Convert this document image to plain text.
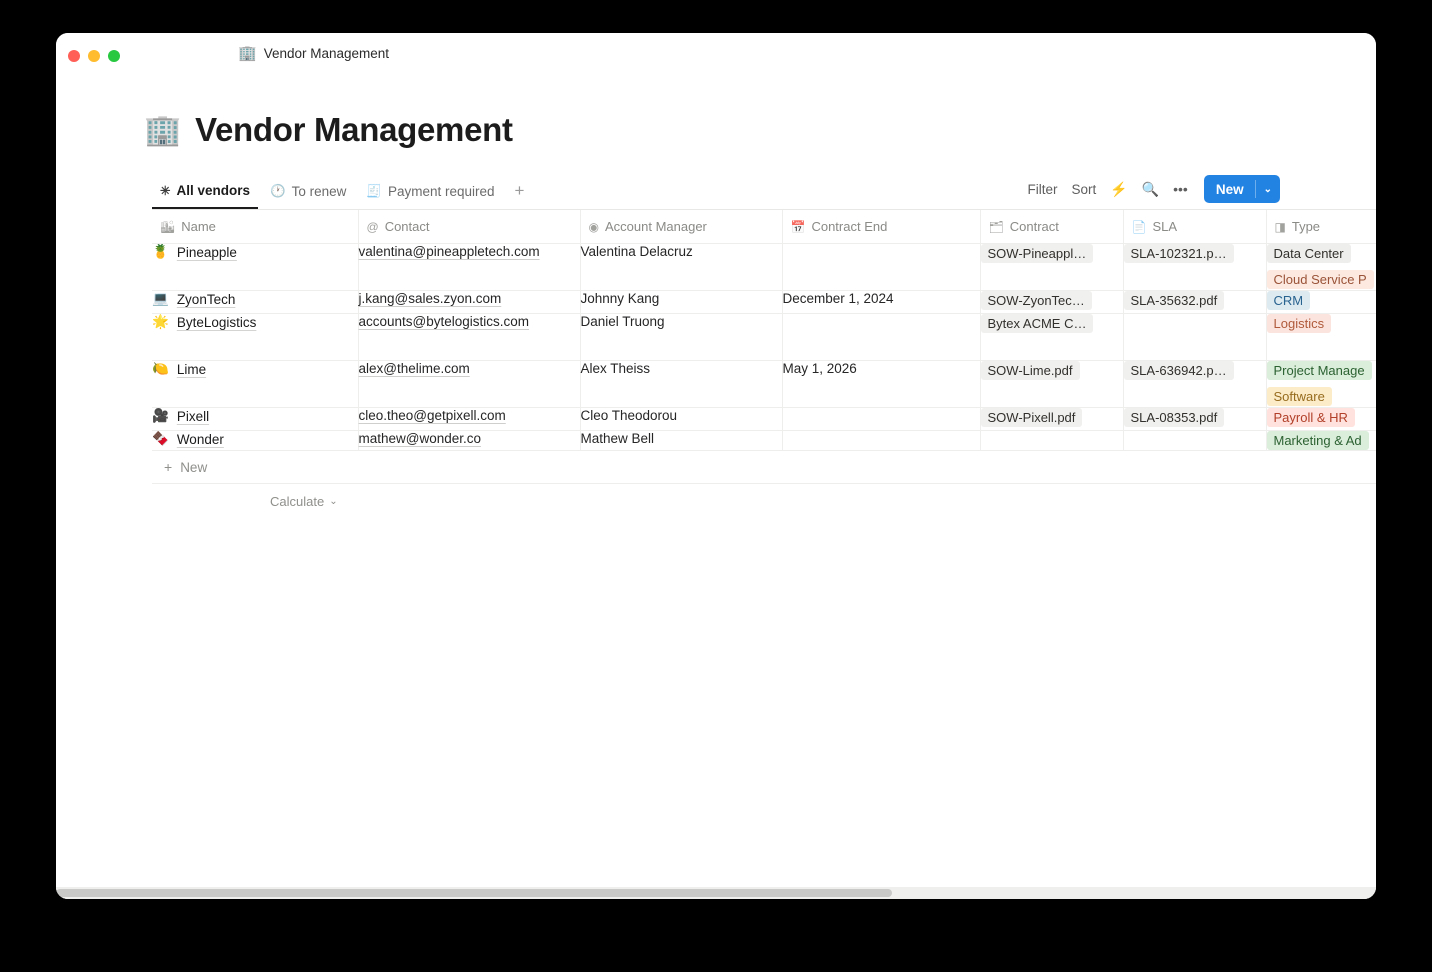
🏢 Vendor Management
🏢 Vendor Management
✳ All vendors 🕐 To renew 🧾 Payment required	+	Filter Sort ⚡ 🔍 •••	New	⌄
🏙 Name	@ Contact	◉ Account Manager	📅 Contract End	🗂 Contract	📄 SLA	◨ Type

🍍 Pineapple	valentina@pineappletech.com	Valentina Delacruz		SOW-Pineappl…	SLA-102321.p…	Data Center
Cloud Service P

💻 ZyonTech	j.kang@sales.zyon.com	Johnny Kang	December 1, 2024	SOW-ZyonTec…	SLA-35632.pdf	CRM

🌟 ByteLogistics	accounts@bytelogistics.com	Daniel Truong		Bytex ACME C…		Logistics

🍋 Lime	alex@thelime.com	Alex Theiss	May 1, 2026	SOW-Lime.pdf	SLA-636942.p…	Project Manage
Software

🎥 Pixell	cleo.theo@getpixell.com	Cleo Theodorou		SOW-Pixell.pdf	SLA-08353.pdf	Payroll & HR

🍫 Wonder	mathew@wonder.co	Mathew Bell				Marketing & Ad
+ New
Calculate ⌄
